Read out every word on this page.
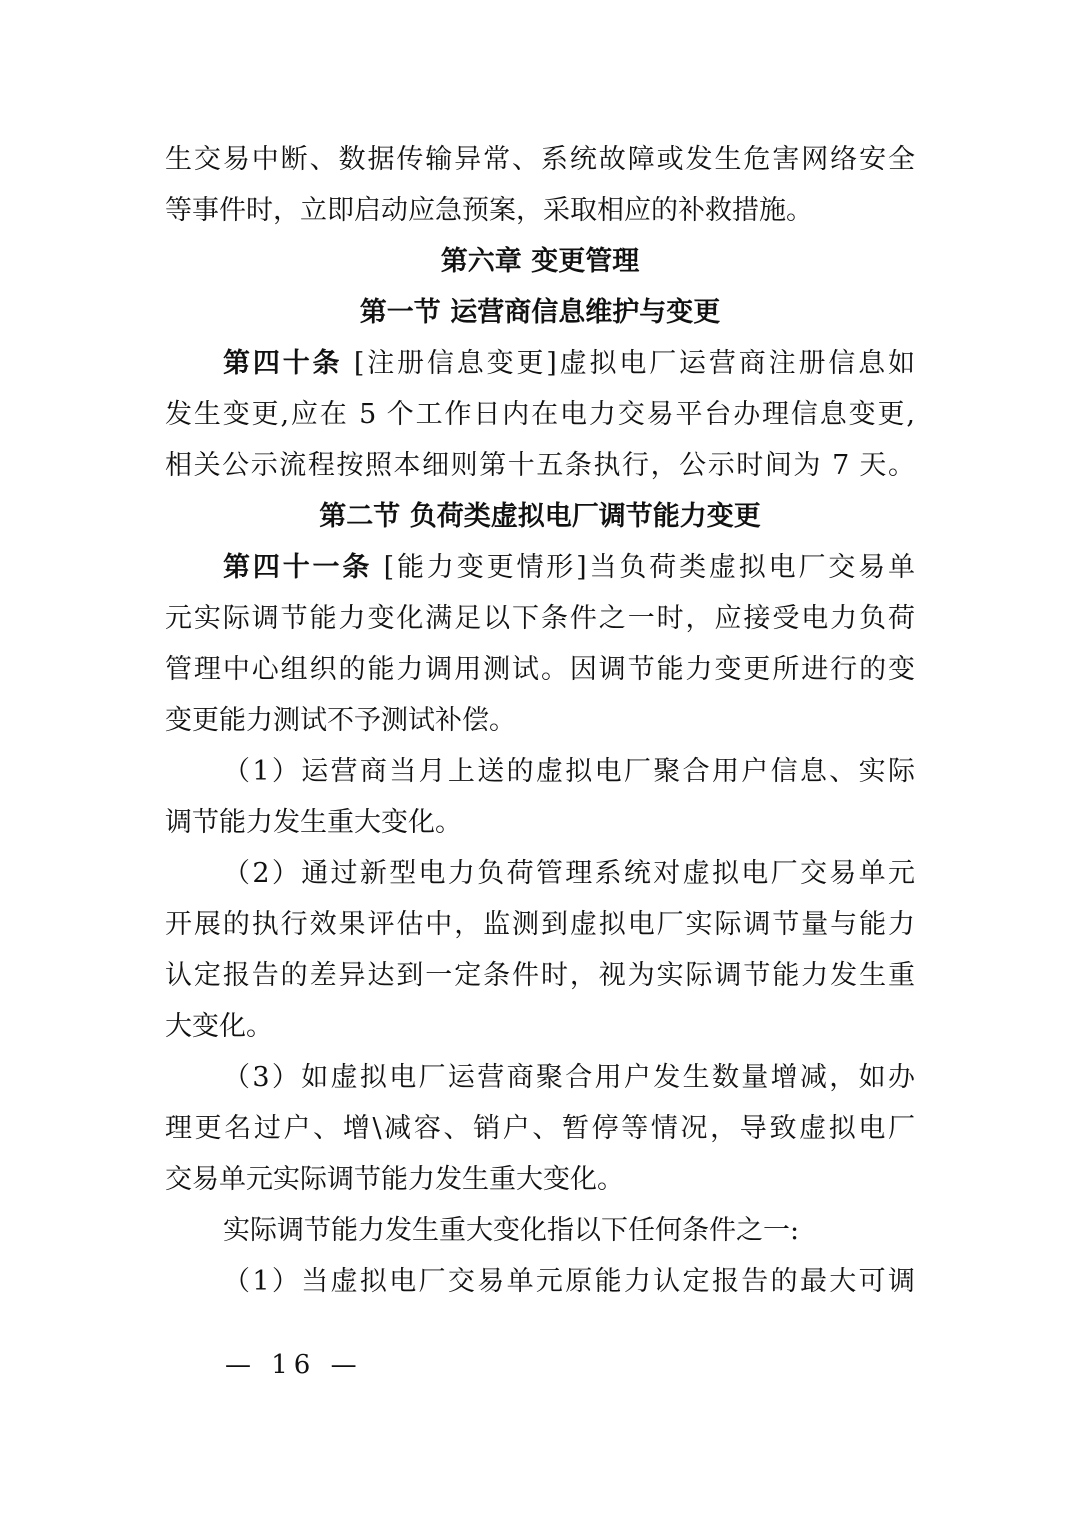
生交易中断、数据传输异常、系统故障或发生危害网络安全
等事件时，立即启动应急预案，采取相应的补救措施。
第六章 变更管理
第一节 运营商信息维护与变更
第四十条 [注册信息变更]虚拟电厂运营商注册信息如
发生变更,应在 5 个工作日内在电力交易平台办理信息变更,
相关公示流程按照本细则第十五条执行，公示时间为 7 天。
第二节 负荷类虚拟电厂调节能力变更
第四十一条 [能力变更情形]当负荷类虚拟电厂交易单
元实际调节能力变化满足以下条件之一时，应接受电力负荷
管理中心组织的能力调用测试。因调节能力变更所进行的变
变更能力测试不予测试补偿。
（1）运营商当月上送的虚拟电厂聚合用户信息、实际
调节能力发生重大变化。
（2）通过新型电力负荷管理系统对虚拟电厂交易单元
开展的执行效果评估中，监测到虚拟电厂实际调节量与能力
认定报告的差异达到一定条件时，视为实际调节能力发生重
大变化。
（3）如虚拟电厂运营商聚合用户发生数量增减，如办
理更名过户、增\减容、销户、暂停等情况，导致虚拟电厂
交易单元实际调节能力发生重大变化。
实际调节能力发生重大变化指以下任何条件之一:
（1）当虚拟电厂交易单元原能力认定报告的最大可调
— 16 —
